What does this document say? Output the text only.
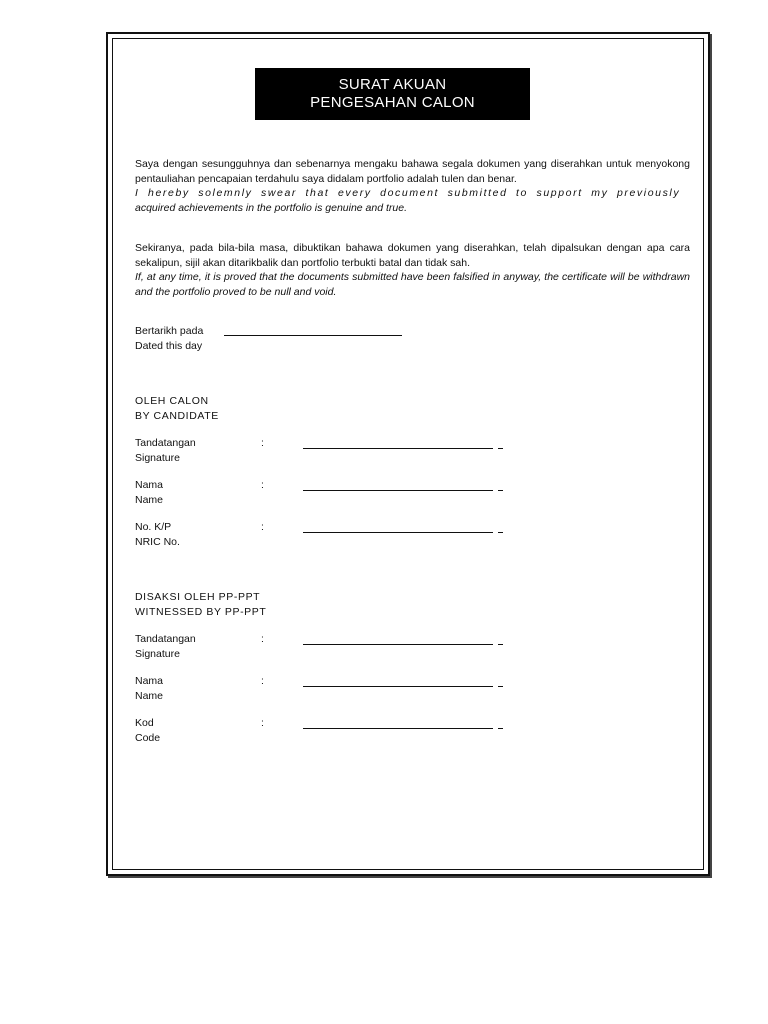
SURAT AKUAN
PENGESAHAN CALON
Saya dengan sesungguhnya dan sebenarnya mengaku bahawa segala dokumen yang diserahkan untuk menyokong pentauliahan pencapaian terdahulu saya didalam portfolio adalah tulen dan benar.
I hereby solemnly swear that every document submitted to support my previously
acquired achievements in the portfolio is genuine and true.
Sekiranya, pada bila-bila masa, dibuktikan bahawa dokumen yang diserahkan, telah dipalsukan dengan apa cara sekalipun, sijil akan ditarikbalik dan portfolio terbukti batal dan tidak sah.
If, at any time, it is proved that the documents submitted have been falsified in anyway, the certificate will be withdrawn and the portfolio proved to be null and void.
Bertarikh pada
Dated this day
OLEH CALON
BY CANDIDATE
Tandatangan
Signature
:
Nama
Name
:
No. K/P
NRIC No.
:
DISAKSI OLEH PP-PPT
WITNESSED BY PP-PPT
Tandatangan
Signature
:
Nama
Name
:
Kod
Code
:
